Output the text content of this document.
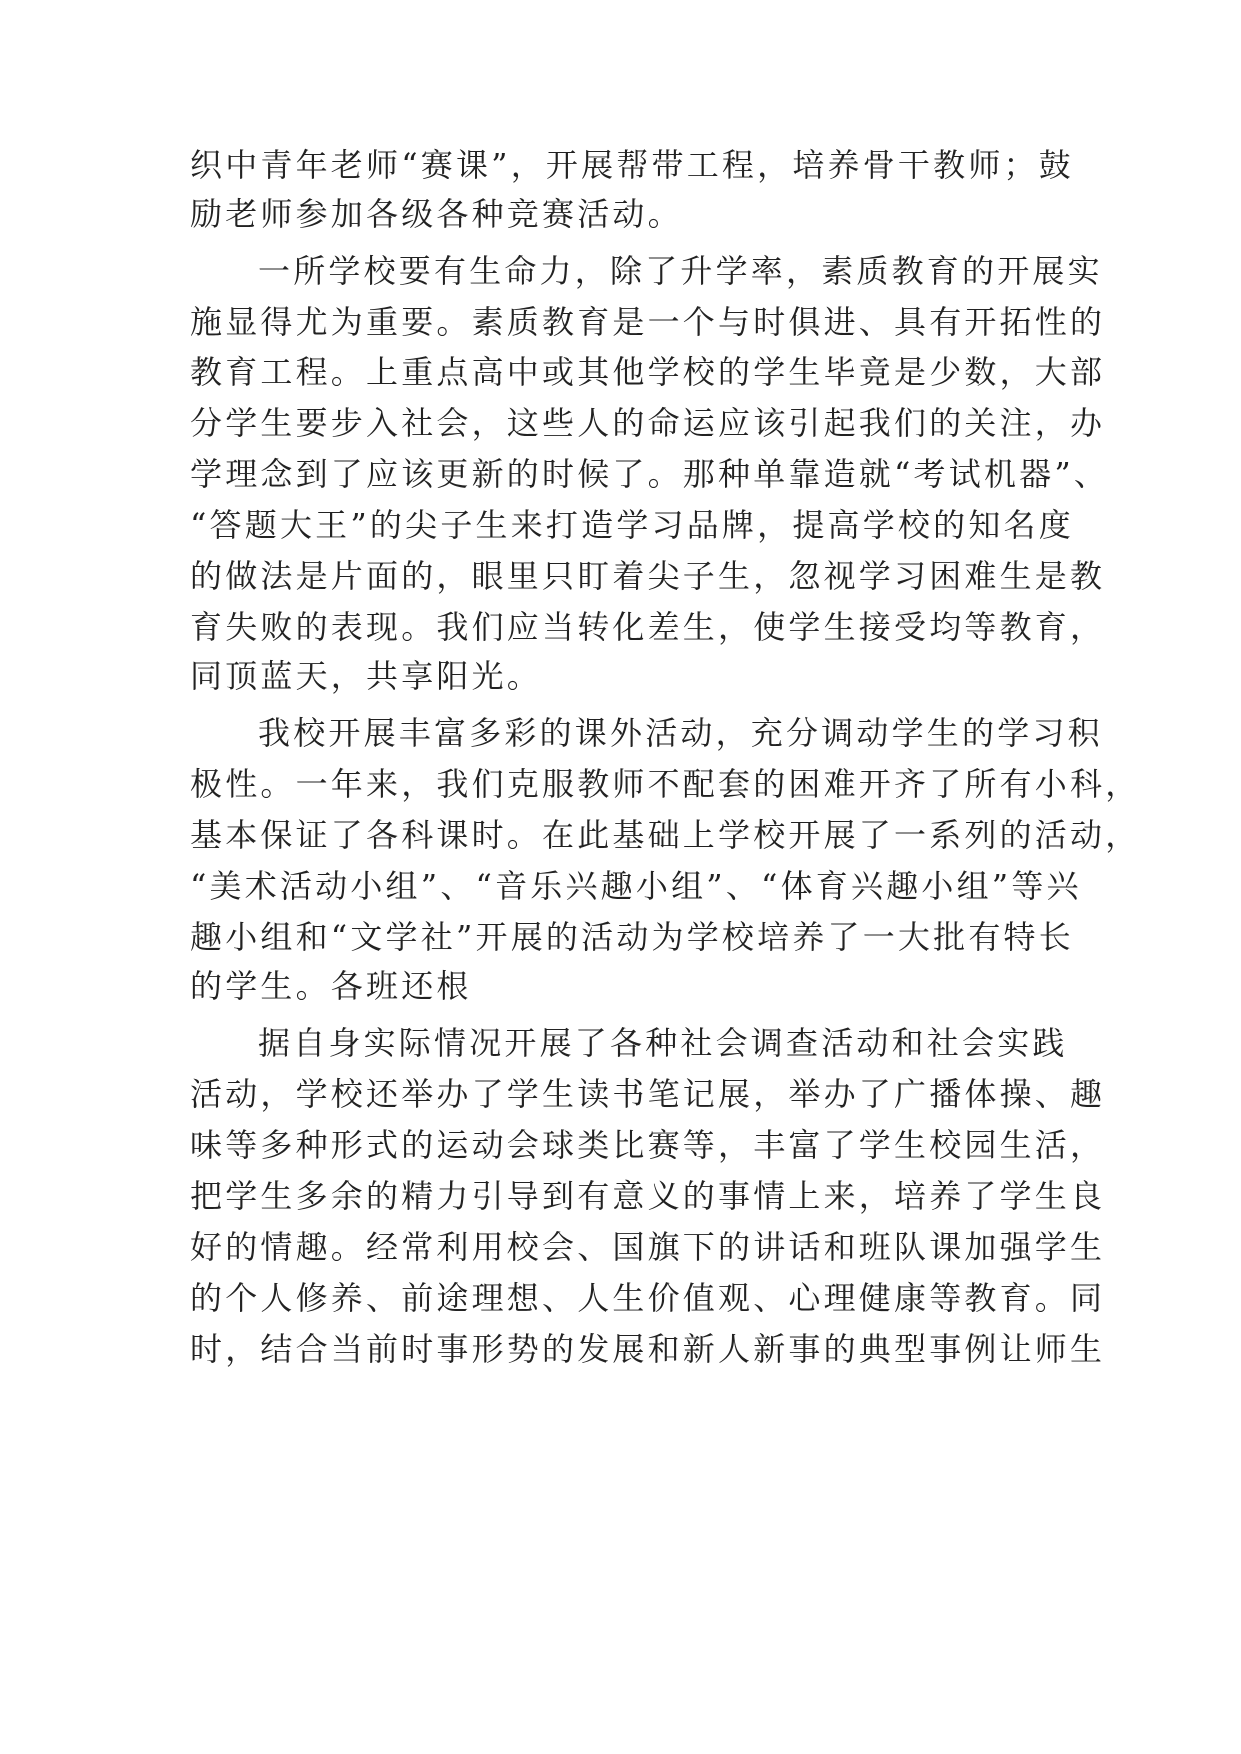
织中青年老师“赛课”，开展帮带工程，培养骨干教师；鼓
励老师参加各级各种竞赛活动。
一所学校要有生命力，除了升学率，素质教育的开展实
施显得尤为重要。素质教育是一个与时俱进、具有开拓性的
教育工程。上重点高中或其他学校的学生毕竟是少数，大部
分学生要步入社会，这些人的命运应该引起我们的关注，办
学理念到了应该更新的时候了。那种单靠造就“考试机器”、
“答题大王”的尖子生来打造学习品牌，提高学校的知名度
的做法是片面的，眼里只盯着尖子生，忽视学习困难生是教
育失败的表现。我们应当转化差生，使学生接受均等教育，
同顶蓝天，共享阳光。
我校开展丰富多彩的课外活动，充分调动学生的学习积
极性。一年来，我们克服教师不配套的困难开齐了所有小科，
基本保证了各科课时。在此基础上学校开展了一系列的活动，
“美术活动小组”、“音乐兴趣小组”、“体育兴趣小组”等兴
趣小组和“文学社”开展的活动为学校培养了一大批有特长
的学生。各班还根
据自身实际情况开展了各种社会调查活动和社会实践
活动，学校还举办了学生读书笔记展，举办了广播体操、趣
味等多种形式的运动会球类比赛等，丰富了学生校园生活，
把学生多余的精力引导到有意义的事情上来，培养了学生良
好的情趣。经常利用校会、国旗下的讲话和班队课加强学生
的个人修养、前途理想、人生价值观、心理健康等教育。同
时，结合当前时事形势的发展和新人新事的典型事例让师生
